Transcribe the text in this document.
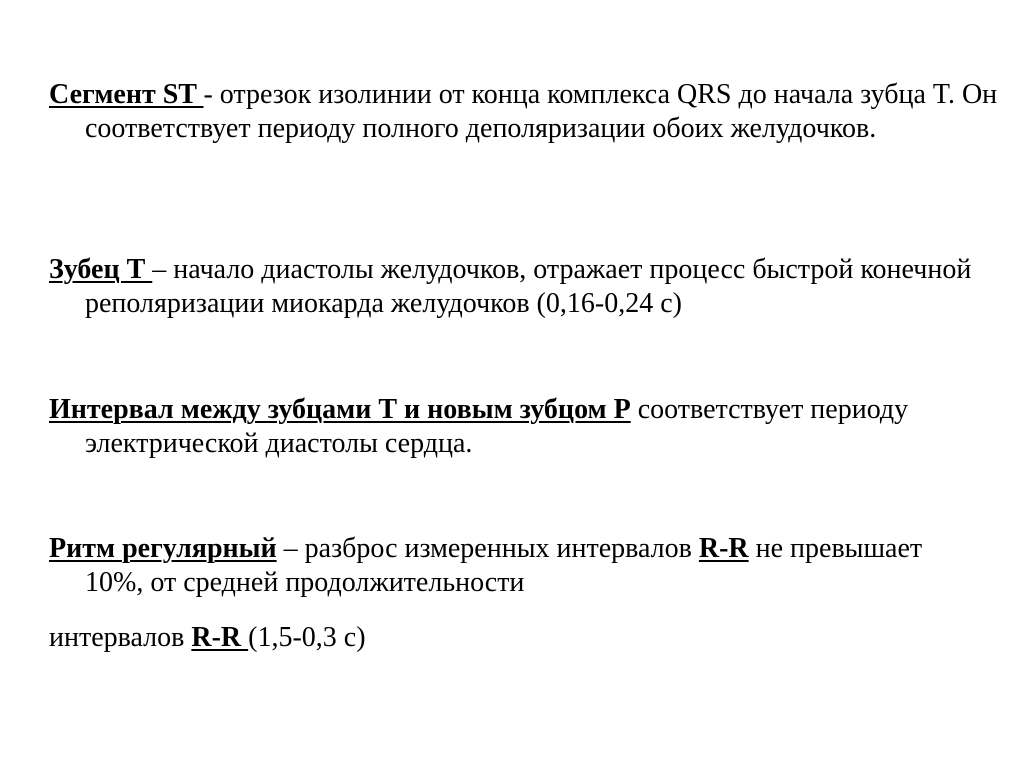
Сегмент ST - отрезок изолинии от конца комплекса QRS до начала зубца T. Он соответствует периоду полного деполяризации обоих желудочков.

Зубец Т – начало диастолы желудочков, отражает процесс быстрой конечной реполяризации миокарда желудочков (0,16-0,24 с)

Интервал между зубцами Т и новым зубцом Р соответствует периоду электрической диастолы сердца.

Ритм регулярный – разброс измеренных интервалов R-R не превышает 10%, от средней продолжительности

интервалов R-R (1,5-0,3 с)
